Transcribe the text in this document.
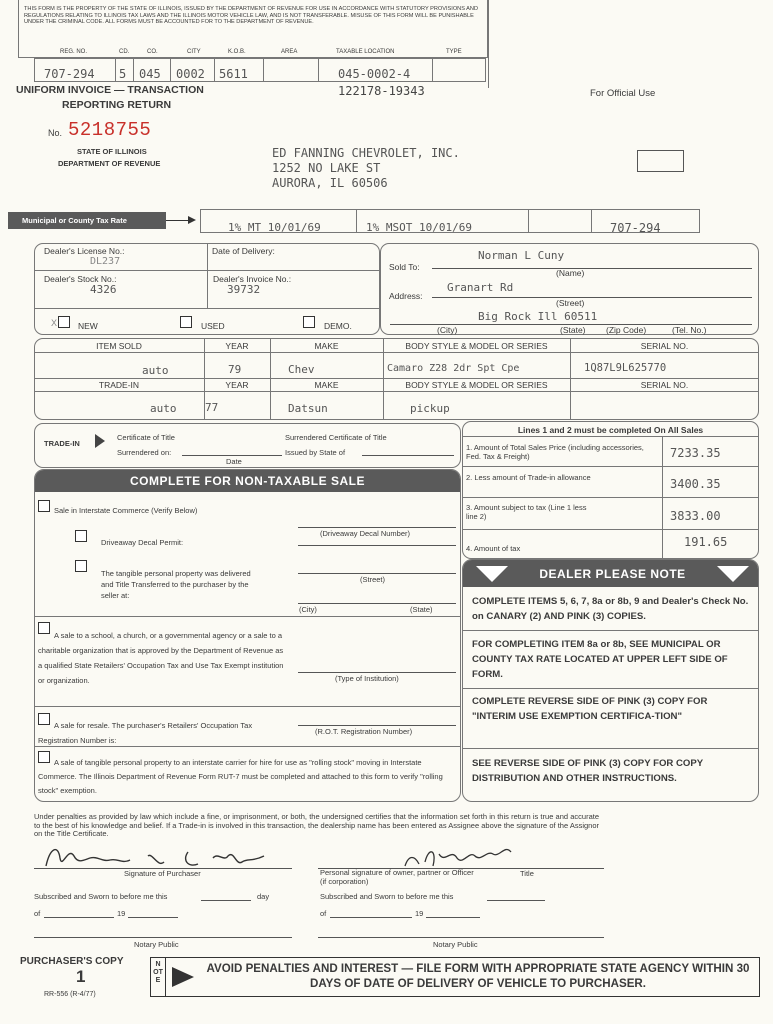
THIS FORM IS THE PROPERTY OF THE STATE OF ILLINOIS, ISSUED BY THE DEPARTMENT OF REVENUE FOR USE IN ACCORDANCE WITH STATUTORY PROVISIONS AND REGULATIONS RELATING TO ILLINOIS TAX LAWS AND THE ILLINOIS MOTOR VEHICLE LAW, AND IS NOT TRANSFERABLE. MISUSE OF THIS FORM WILL BE PUNISHABLE UNDER THE CRIMINAL CODE. ALL FORMS MUST BE ACCOUNTED FOR TO THE DEPARTMENT OF REVENUE.
REG. NO.	CD.	CO.	CITY	K.O.B.	AREA	TAXABLE LOCATION	TYPE
707-294 5 045 0002 5611	045-0002-4
UNIFORM INVOICE — TRANSACTION
REPORTING RETURN
122178-19343	For Official Use
No. 5218755
STATE OF ILLINOIS
DEPARTMENT OF REVENUE
ED FANNING CHEVROLET, INC.
1252 NO LAKE ST
AURORA, IL 60506
Municipal or County Tax Rate
1% MT 10/01/69	1% MSOT 10/01/69	707-294
Dealer's License No.:
DL237
Date of Delivery:
Dealer's Stock No.:
4326
Dealer's Invoice No.:
39732
X NEW	USED	DEMO.
Sold To:
Norman L Cuny
(Name)
Address:
Granart Rd
(Street)
Big Rock Ill 60511
(City)	(State) (Zip Code)	(Tel. No.)
ITEM SOLD	YEAR	MAKE	BODY STYLE & MODEL OR SERIES	SERIAL NO.
auto	79	Chev	Camaro Z28 2dr Spt Cpe	1Q87L9L625770
TRADE-IN	YEAR	MAKE	BODY STYLE & MODEL OR SERIES	SERIAL NO.
auto	77	Datsun	pickup
TRADE-IN
Certificate of Title
Surrendered on:
Date
Surrendered Certificate of Title
Issued by State of
Lines 1 and 2 must be completed On All Sales
1. Amount of Total Sales Price (including accessories, Fed. Tax & Freight)	7233.35
2. Less amount of Trade-in allowance	3400.35
3. Amount subject to tax (Line 1 less line 2)	3833.00
4. Amount of tax	191.65
COMPLETE FOR NON-TAXABLE SALE
Sale in Interstate Commerce (Verify Below)
(Driveaway Decal Number)
Driveaway Decal Permit:
The tangible personal property was delivered and Title Transferred to the purchaser by the seller at:
(Street)
(City)	(State)
A sale to a school, a church, or a governmental agency or a sale to a charitable organization that is approved by the Department of Revenue as a qualified State Retailers' Occupation Tax and Use Tax Exempt institution or organization.	(Type of Institution)
A sale for resale. The purchaser's Retailers' Occupation Tax Registration Number is:
(R.O.T. Registration Number)
A sale of tangible personal property to an interstate carrier for hire for use as "rolling stock" moving in Interstate Commerce. The Illinois Department of Revenue Form RUT-7 must be completed and attached to this form to verify "rolling stock" exemption.
DEALER PLEASE NOTE
COMPLETE ITEMS 5, 6, 7, 8a or 8b, 9 and Dealer's Check No. on CANARY (2) AND PINK (3) COPIES.
FOR COMPLETING ITEM 8a or 8b, SEE MUNICIPAL OR COUNTY TAX RATE LOCATED AT UPPER LEFT SIDE OF FORM.
COMPLETE REVERSE SIDE OF PINK (3) COPY FOR "INTERIM USE EXEMPTION CERTIFICA-TION"
SEE REVERSE SIDE OF PINK (3) COPY FOR COPY DISTRIBUTION AND OTHER INSTRUCTIONS.
Under penalties as provided by law which include a fine, or imprisonment, or both, the undersigned certifies that the information set forth in this return is true and accurate to the best of his knowledge and belief. If a Trade-in is involved in this transaction, the dealership name has been entered as Assignee above the signature of the Assignor on the Title Certificate.
Signature of Purchaser	Personal signature of owner, partner or Officer (if corporation)
Title
Subscribed and Sworn to before me this	day
of	19
Notary Public
Subscribed and Sworn to before me this
of	19
Notary Public
PURCHASER'S COPY
1
RR-556 (R-4/77)
NOTE
AVOID PENALTIES AND INTEREST — FILE FORM WITH APPROPRIATE STATE AGENCY WITHIN 30 DAYS OF DATE OF DELIVERY OF VEHICLE TO PURCHASER.
